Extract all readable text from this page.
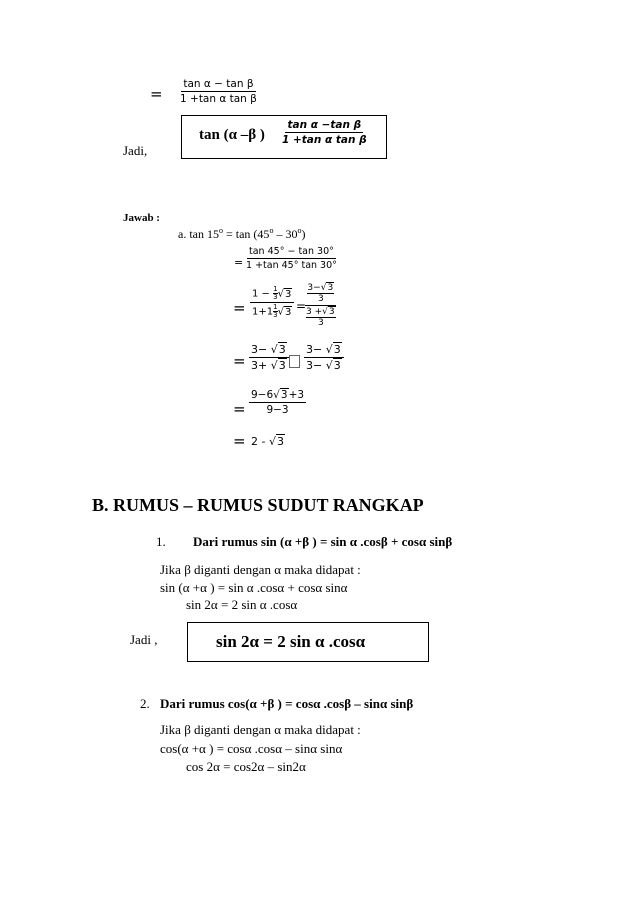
= $\frac{\text{tan α − tan β}}{\text{1 +tan α tan β}}$
Jadi,
tan (α –β ) $\frac{\text{tan α −tan β}}{\text{1 +tan α tan β}}$
Jawab :
a. $\tan 15^o = \tan (45^o - 30^o)$
= $\frac{\tan 45^\circ - \tan 30^\circ}{1 +\tan 45^\circ \tan 30^\circ}$
= $\frac{1 - \frac{1}{3} √3}{1+1 \frac{1}{3} √3}$ =
3−√3
3
3 +√3
3
= $\frac{3- √3}{3+ √3} \frac{3- √3}{3- √3}$
= $\frac{9-6√3+3}{9-3}$
= 2 - √3
B. RUMUS – RUMUS SUDUT RANGKAP
1. Dari rumus sin (α +β ) = sin α .cosβ + cosα sinβ
Jika β diganti dengan α maka didapat :
sin (α +α ) = sin α .cosα + cosα sinα
sin 2α = 2 sin α .cosα
Jadi ,	sin 2α = 2 sin α .cosα
2. Dari rumus cos(α +β ) = cosα .cosβ – sinα sinβ
Jika β diganti dengan α maka didapat :
cos(α +α ) = cosα .cosα – sinα sinα
cos 2α = cos2α – sin2α
